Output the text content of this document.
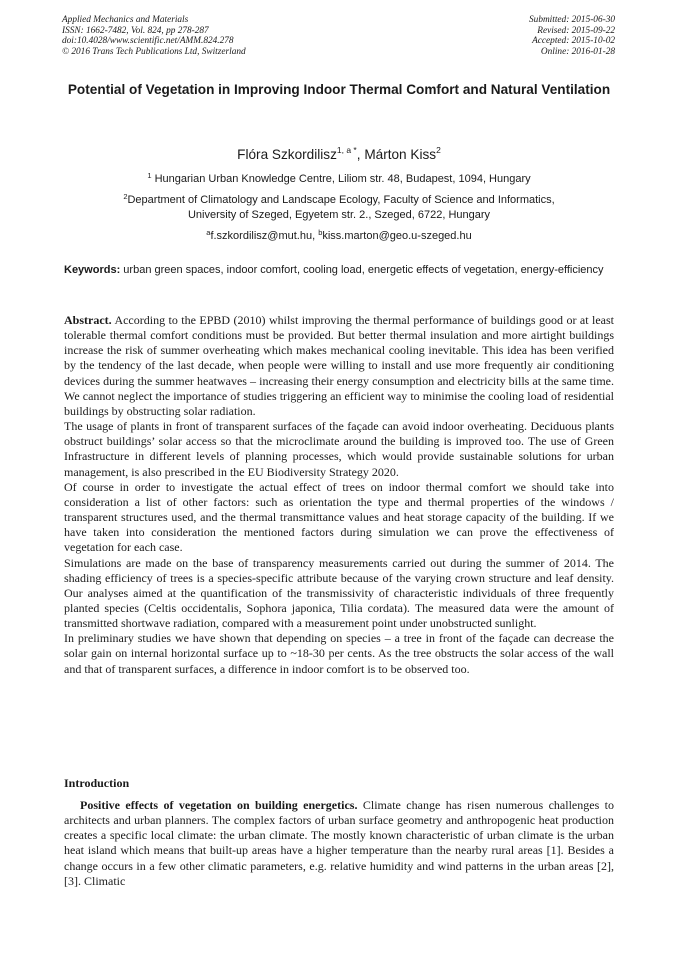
Applied Mechanics and Materials
ISSN: 1662-7482, Vol. 824, pp 278-287
doi:10.4028/www.scientific.net/AMM.824.278
© 2016 Trans Tech Publications Ltd, Switzerland
Submitted: 2015-06-30
Revised: 2015-09-22
Accepted: 2015-10-02
Online: 2016-01-28
Potential of Vegetation in Improving Indoor Thermal Comfort and Natural Ventilation
Flóra Szkordilisz$^{1, a *}$, Márton Kiss$^2$
$^1$ Hungarian Urban Knowledge Centre, Liliom str. 48, Budapest, 1094, Hungary
$^2$Department of Climatology and Landscape Ecology, Faculty of Science and Informatics,
University of Szeged, Egyetem str. 2., Szeged, 6722, Hungary
$^a$f.szkordilisz@mut.hu, $^b$kiss.marton@geo.u-szeged.hu
Keywords: urban green spaces, indoor comfort, cooling load, energetic effects of vegetation, energy-efficiency

Abstract. According to the EPBD (2010) whilst improving the thermal performance of buildings good or at least tolerable thermal comfort conditions must be provided. But better thermal insulation and more airtight buildings increase the risk of summer overheating which makes mechanical cooling inevitable. This idea has been verified by the tendency of the last decade, when people were willing to install and use more frequently air conditioning devices during the summer heatwaves – increasing their energy consumption and electricity bills at the same time. We cannot neglect the importance of studies triggering an efficient way to minimise the cooling load of residential buildings by obstructing solar radiation.

The usage of plants in front of transparent surfaces of the façade can avoid indoor overheating. Deciduous plants obstruct buildings’ solar access so that the microclimate around the building is improved too. The use of Green Infrastructure in different levels of planning processes, which would provide sustainable solutions for urban management, is also prescribed in the EU Biodiversity Strategy 2020.

Of course in order to investigate the actual effect of trees on indoor thermal comfort we should take into consideration a list of other factors: such as orientation the type and thermal properties of the windows / transparent structures used, and the thermal transmittance values and heat storage capacity of the building. If we have taken into consideration the mentioned factors during simulation we can prove the effectiveness of vegetation for each case.

Simulations are made on the base of transparency measurements carried out during the summer of 2014. The shading efficiency of trees is a species-specific attribute because of the varying crown structure and leaf density. Our analyses aimed at the quantification of the transmissivity of characteristic individuals of three frequently planted species (Celtis occidentalis, Sophora japonica, Tilia cordata). The measured data were the amount of transmitted shortwave radiation, compared with a measurement point under unobstructed sunlight.

In preliminary studies we have shown that depending on species – a tree in front of the façade can decrease the solar gain on internal horizontal surface up to ~18-30 per cents. As the tree obstructs the solar access of the wall and that of transparent surfaces, a difference in indoor comfort is to be observed too.

Introduction

Positive effects of vegetation on building energetics. Climate change has risen numerous challenges to architects and urban planners. The complex factors of urban surface geometry and anthropogenic heat production creates a specific local climate: the urban climate. The mostly known characteristic of urban climate is the urban heat island which means that built-up areas have a higher temperature than the nearby rural areas [1]. Besides a change occurs in a few other climatic parameters, e.g. relative humidity and wind patterns in the urban areas [2],[3]. Climatic
